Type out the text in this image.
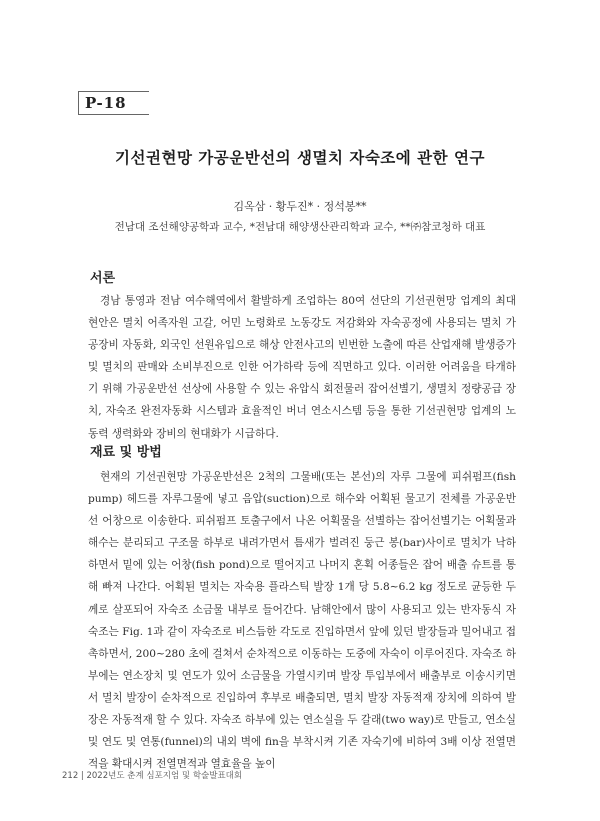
P-18
기선권현망 가공운반선의 생멸치 자숙조에 관한 연구
김옥삼 · 황두진* · 정석봉**
전남대 조선해양공학과 교수, *전남대 해양생산관리학과 교수, **㈜참코청하 대표
서론

경남 통영과 전남 여수해역에서 활발하게 조업하는 80여 선단의 기선권현망 업계의 최대 현안은 멸치 어족자원 고갈, 어민 노령화로 노동강도 저감화와 자숙공정에 사용되는 멸치 가공장비 자동화, 외국인 선원유입으로 해상 안전사고의 빈번한 노출에 따른 산업재해 발생증가 및 멸치의 판매와 소비부진으로 인한 어가하락 등에 직면하고 있다. 이러한 어려움을 타개하기 위해 가공운반선 선상에 사용할 수 있는 유압식 회전물러 잡어선별기, 생멸치 정량공급 장치, 자숙조 완전자동화 시스템과 효율적인 버너 연소시스템 등을 통한 기선권현망 업계의 노동력 생력화와 장비의 현대화가 시급하다.

재료 및 방법

현재의 기선권현망 가공운반선은 2척의 그물배(또는 본선)의 자루 그물에 피쉬펌프(fish pump) 헤드를 자루그물에 넣고 음압(suction)으로 해수와 어획된 물고기 전체를 가공운반선 어창으로 이송한다. 피쉬펌프 토출구에서 나온 어획물을 선별하는 잡어선별기는 어획물과 해수는 분리되고 구조물 하부로 내려가면서 틈새가 벌려진 둥근 봉(bar)사이로 멸치가 낙하하면서 밑에 있는 어창(fish pond)으로 떨어지고 나머지 혼획 어종들은 잡어 배출 슈트를 통해 빠져 나간다. 어획된 멸치는 자숙용 플라스틱 발장 1개 당 5.8∼6.2 kg 정도로 균등한 두께로 살포되어 자숙조 소금물 내부로 들어간다. 남해안에서 많이 사용되고 있는 반자동식 자숙조는 Fig. 1과 같이 자숙조로 비스듬한 각도로 진입하면서 앞에 있던 발장들과 밀어내고 접촉하면서, 200∼280 초에 걸쳐서 순차적으로 이동하는 도중에 자숙이 이루어진다. 자숙조 하부에는 연소장치 및 연도가 있어 소금물을 가열시키며 발장 투입부에서 배출부로 이송시키면서 멸치 발장이 순차적으로 진입하여 후부로 배출되면, 멸치 발장 자동적재 장치에 의하여 발장은 자동적재 할 수 있다. 자숙조 하부에 있는 연소실을 두 갈래(two way)로 만들고, 연소실 및 연도 및 연통(funnel)의 내외 벽에 fin을 부착시켜 기존 자숙기에 비하여 3배 이상 전열면적을 확대시켜 전열면적과 열효율을 높이

212 | 2022년도 춘계 심포지엄 및 학술발표대회
